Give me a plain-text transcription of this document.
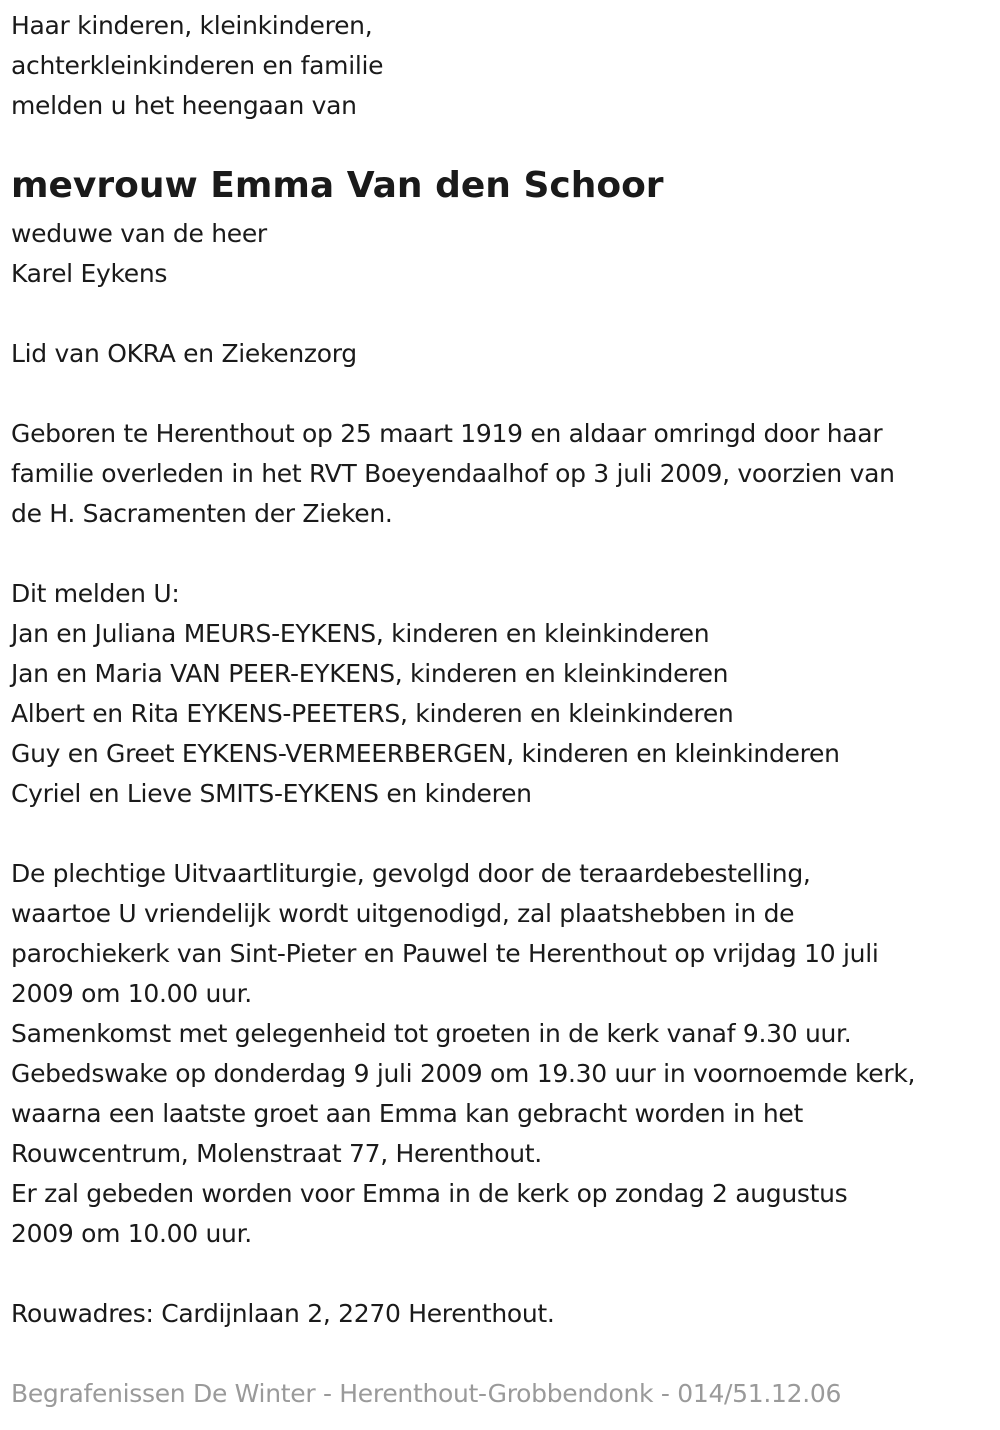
Haar kinderen, kleinkinderen,
achterkleinkinderen en familie
melden u het heengaan van
mevrouw Emma Van den Schoor
weduwe van de heer
Karel Eykens
Lid van OKRA en Ziekenzorg
Geboren te Herenthout op 25 maart 1919 en aldaar omringd door haar
familie overleden in het RVT Boeyendaalhof op 3 juli 2009, voorzien van
de H. Sacramenten der Zieken.
Dit melden U:
Jan en Juliana MEURS-EYKENS, kinderen en kleinkinderen
Jan en Maria VAN PEER-EYKENS, kinderen en kleinkinderen
Albert en Rita EYKENS-PEETERS, kinderen en kleinkinderen
Guy en Greet EYKENS-VERMEERBERGEN, kinderen en kleinkinderen
Cyriel en Lieve SMITS-EYKENS en kinderen
De plechtige Uitvaartliturgie, gevolgd door de teraardebestelling,
waartoe U vriendelijk wordt uitgenodigd, zal plaatshebben in de
parochiekerk van Sint-Pieter en Pauwel te Herenthout op vrijdag 10 juli
2009 om 10.00 uur.
Samenkomst met gelegenheid tot groeten in de kerk vanaf 9.30 uur.
Gebedswake op donderdag 9 juli 2009 om 19.30 uur in voornoemde kerk,
waarna een laatste groet aan Emma kan gebracht worden in het
Rouwcentrum, Molenstraat 77, Herenthout.
Er zal gebeden worden voor Emma in de kerk op zondag 2 augustus
2009 om 10.00 uur.
Rouwadres: Cardijnlaan 2, 2270 Herenthout.
Begrafenissen De Winter - Herenthout-Grobbendonk - 014/51.12.06
